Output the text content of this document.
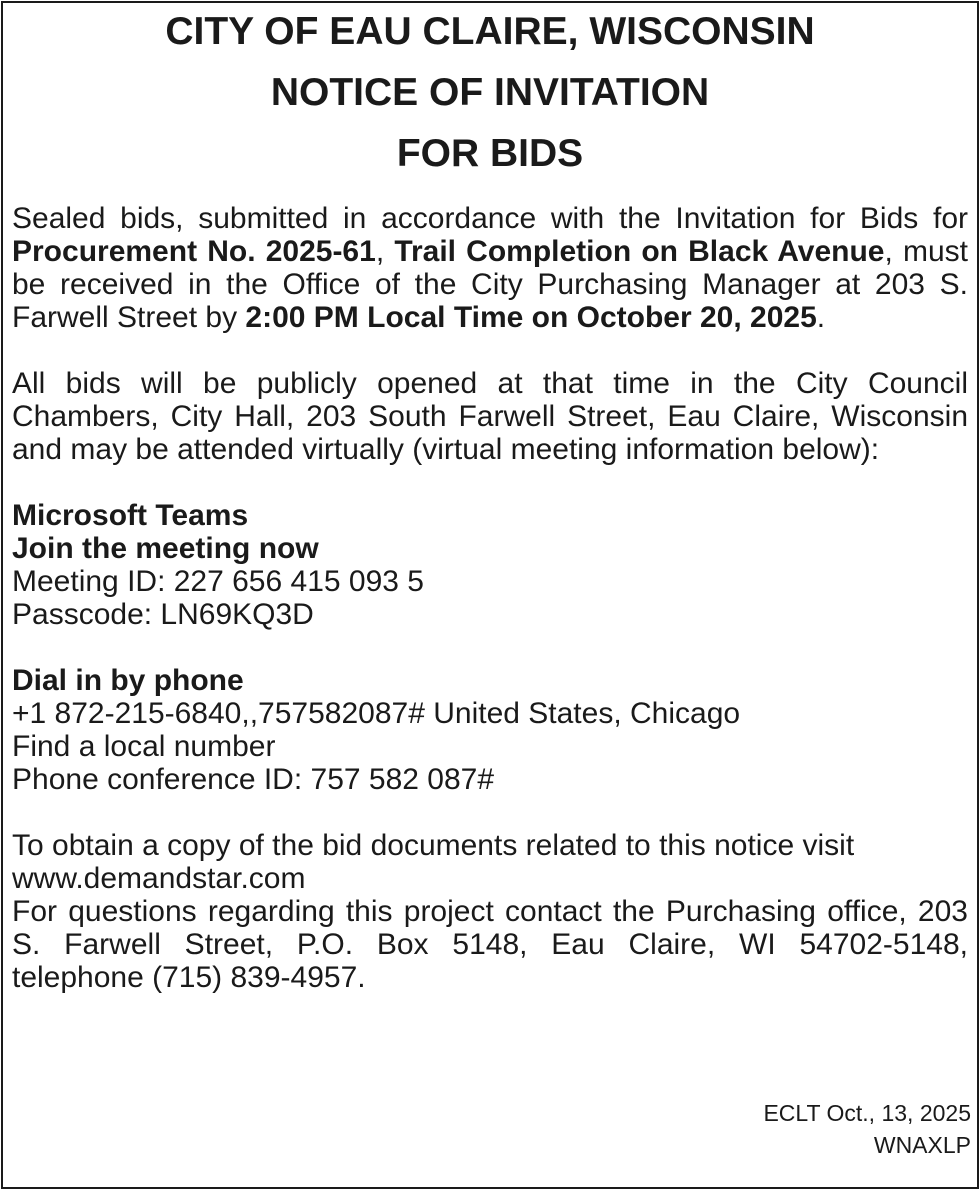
CITY OF EAU CLAIRE, WISCONSIN
NOTICE OF INVITATION
FOR BIDS
Sealed bids, submitted in accordance with the Invitation for Bids for Procurement No. 2025-61, Trail Completion on Black Avenue, must be received in the Office of the City Purchasing Manager at 203 S. Farwell Street by 2:00 PM Local Time on October 20, 2025.
All bids will be publicly opened at that time in the City Council Chambers, City Hall, 203 South Farwell Street, Eau Claire, Wisconsin and may be attended virtually (virtual meeting information below):
Microsoft Teams
Join the meeting now
Meeting ID: 227 656 415 093 5
Passcode: LN69KQ3D
Dial in by phone
+1 872-215-6840,,757582087# United States, Chicago
Find a local number
Phone conference ID: 757 582 087#
To obtain a copy of the bid documents related to this notice visit
www.demandstar.com
For questions regarding this project contact the Purchasing office, 203 S. Farwell Street, P.O. Box 5148, Eau Claire, WI 54702-5148, telephone (715) 839-4957.
ECLT Oct., 13, 2025
WNAXLP
